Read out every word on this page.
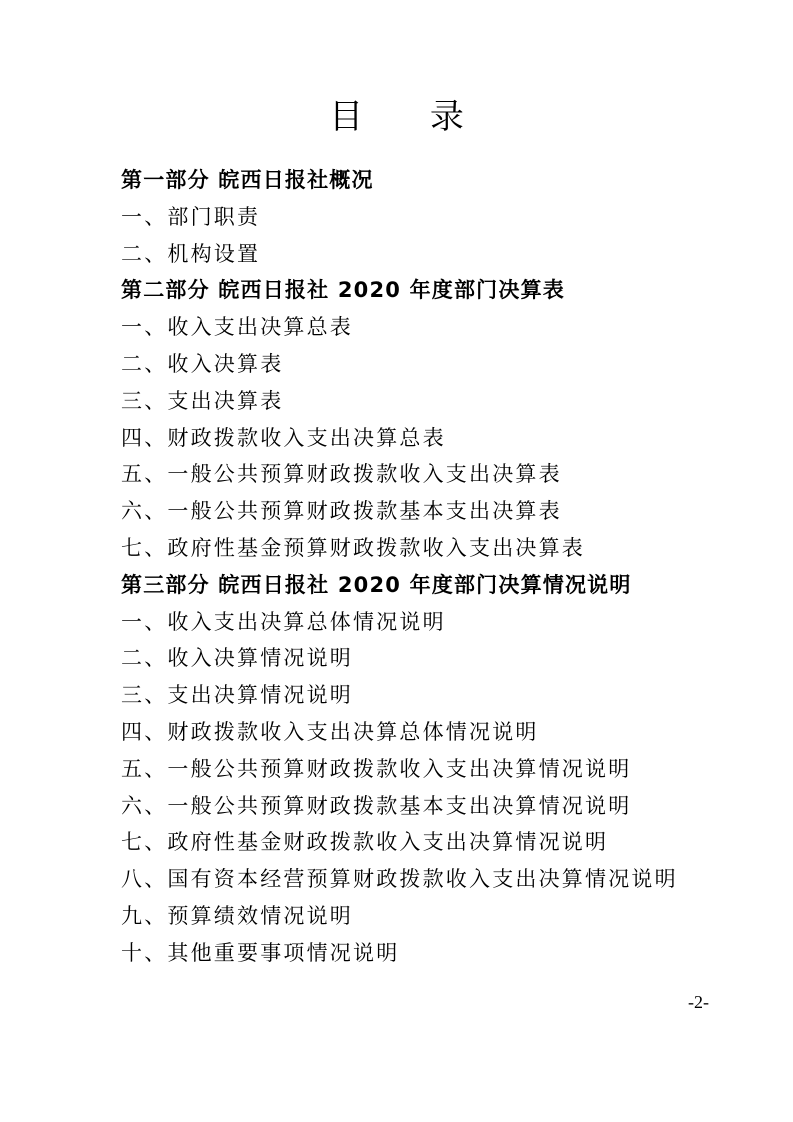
目 录
第一部分 皖西日报社概况
一、部门职责
二、机构设置
第二部分 皖西日报社 2020 年度部门决算表
一、收入支出决算总表
二、收入决算表
三、支出决算表
四、财政拨款收入支出决算总表
五、一般公共预算财政拨款收入支出决算表
六、一般公共预算财政拨款基本支出决算表
七、政府性基金预算财政拨款收入支出决算表
第三部分 皖西日报社 2020 年度部门决算情况说明
一、收入支出决算总体情况说明
二、收入决算情况说明
三、支出决算情况说明
四、财政拨款收入支出决算总体情况说明
五、一般公共预算财政拨款收入支出决算情况说明
六、一般公共预算财政拨款基本支出决算情况说明
七、政府性基金财政拨款收入支出决算情况说明
八、国有资本经营预算财政拨款收入支出决算情况说明
九、预算绩效情况说明
十、其他重要事项情况说明
-2-
